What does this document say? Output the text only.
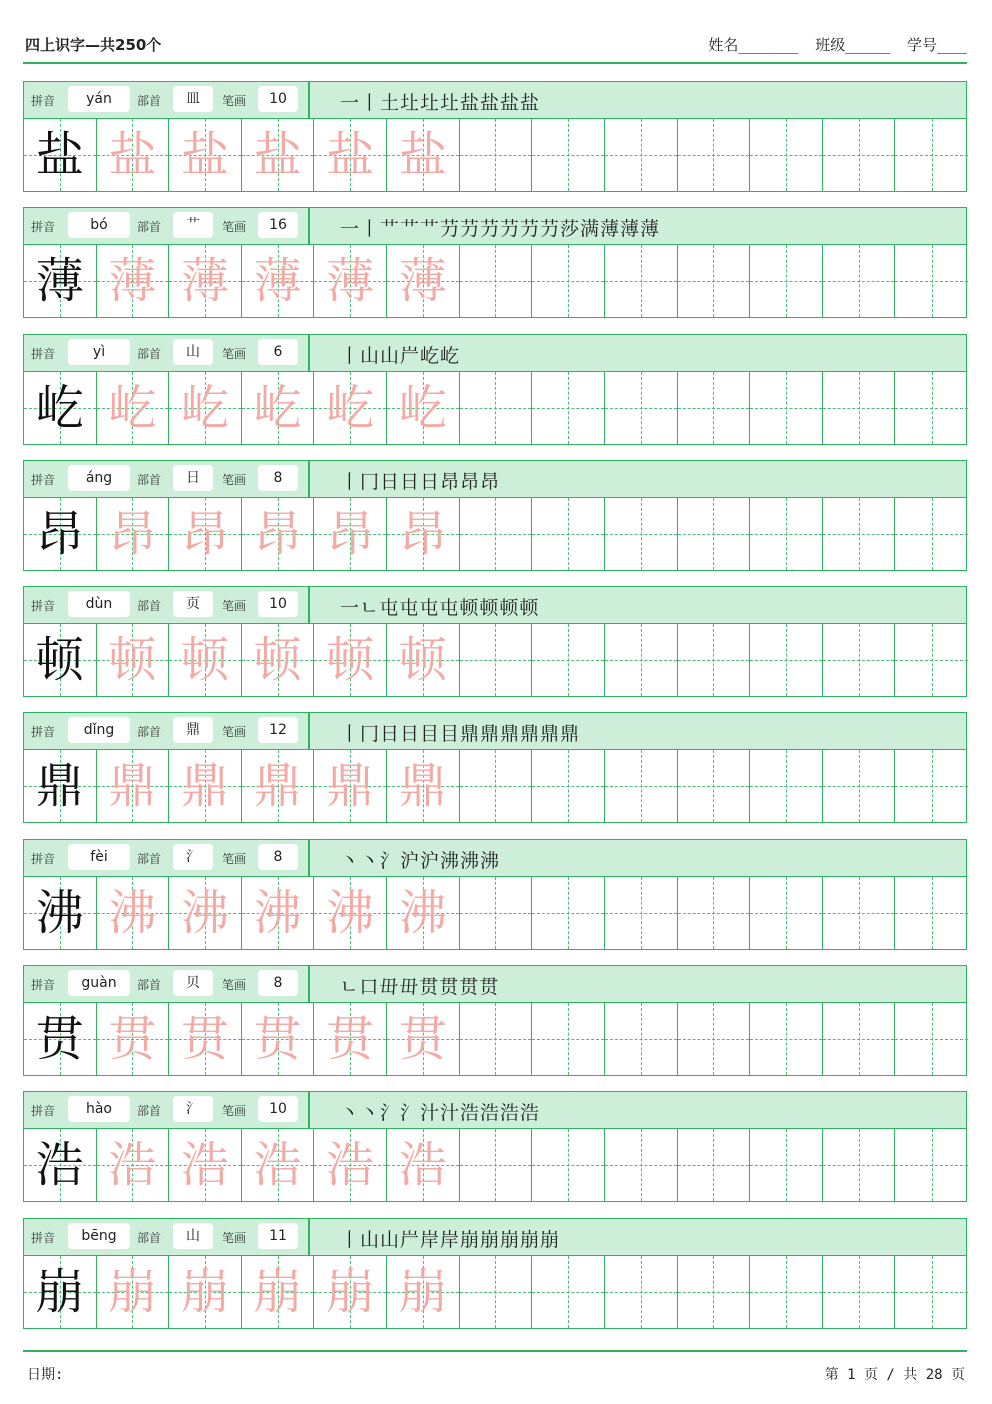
四上识字—共250个	姓名________ 班级______ 学号____
拼音	yán	部首	皿	笔画	10	一丨土圵圵圵盐盐盐盐
盐 盐 盐 盐 盐 盐
拼音	bó	部首	艹	笔画	16	一丨艹艹艹芀芀芀芀芀芀莎满薄薄薄
薄 薄 薄 薄 薄 薄
拼音	yì	部首	山	笔画	6	丨山山屵屹屹
屹 屹 屹 屹 屹 屹
拼音	áng	部首	日	笔画	8	丨冂日日日昂昂昂
昂 昂 昂 昂 昂 昂
拼音	dùn	部首	页	笔画	10	一ㄴ屯屯屯屯顿顿顿顿
顿 顿 顿 顿 顿 顿
拼音	dǐng	部首	鼎	笔画	12	丨冂日日目目鼎鼎鼎鼎鼎鼎
鼎 鼎 鼎 鼎 鼎 鼎
拼音	fèi	部首	氵	笔画	8	丶丶氵沪沪沸沸沸
沸 沸 沸 沸 沸 沸
拼音	guàn	部首	贝	笔画	8	ㄴ口毌毌贯贯贯贯
贯 贯 贯 贯 贯 贯
拼音	hào	部首	氵	笔画	10	丶丶氵氵汁汁浩浩浩浩
浩 浩 浩 浩 浩 浩
拼音	bēng	部首	山	笔画	11	丨山山屵岸岸崩崩崩崩崩
崩 崩 崩 崩 崩 崩
日期:	第 1 页 / 共 28 页
